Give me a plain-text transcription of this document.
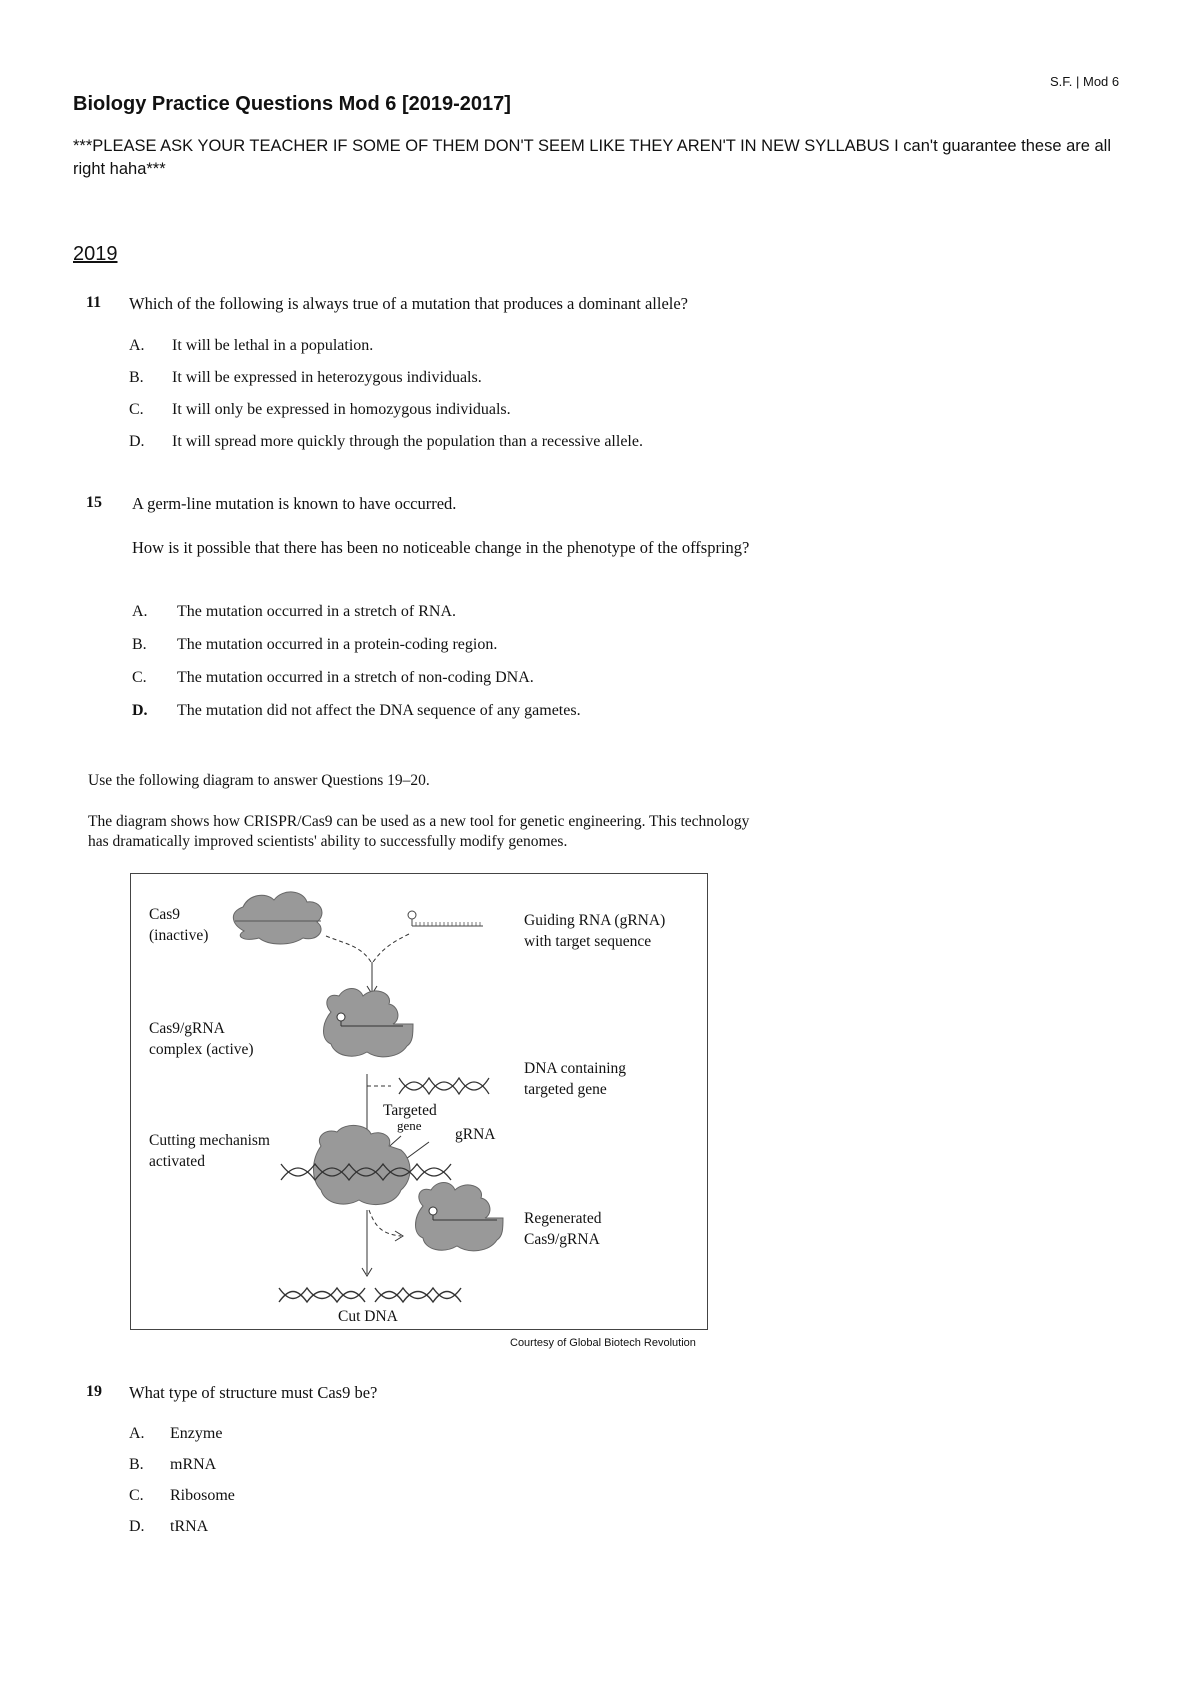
S.F. | Mod 6
Biology Practice Questions Mod 6 [2019-2017]
***PLEASE ASK YOUR TEACHER IF SOME OF THEM DON'T SEEM LIKE THEY AREN'T IN NEW SYLLABUS I can't guarantee these are all right haha***
2019
11 Which of the following is always true of a mutation that produces a dominant allele?
A. It will be lethal in a population.
B. It will be expressed in heterozygous individuals.
C. It will only be expressed in homozygous individuals.
D. It will spread more quickly through the population than a recessive allele.
15 A germ-line mutation is known to have occurred.
How is it possible that there has been no noticeable change in the phenotype of the offspring?
A. The mutation occurred in a stretch of RNA.
B. The mutation occurred in a protein-coding region.
C. The mutation occurred in a stretch of non-coding DNA.
D. The mutation did not affect the DNA sequence of any gametes.
Use the following diagram to answer Questions 19–20.
The diagram shows how CRISPR/Cas9 can be used as a new tool for genetic engineering. This technology has dramatically improved scientists' ability to successfully modify genomes.
Cas9
(inactive)
Guiding RNA (gRNA)
with target sequence
Cas9/gRNA
complex (active)
DNA containing
targeted gene
Targeted
gene
gRNA
Cutting mechanism
activated
Regenerated
Cas9/gRNA
Cut DNA
Courtesy of Global Biotech Revolution
19 What type of structure must Cas9 be?
A. Enzyme
B. mRNA
C. Ribosome
D. tRNA
